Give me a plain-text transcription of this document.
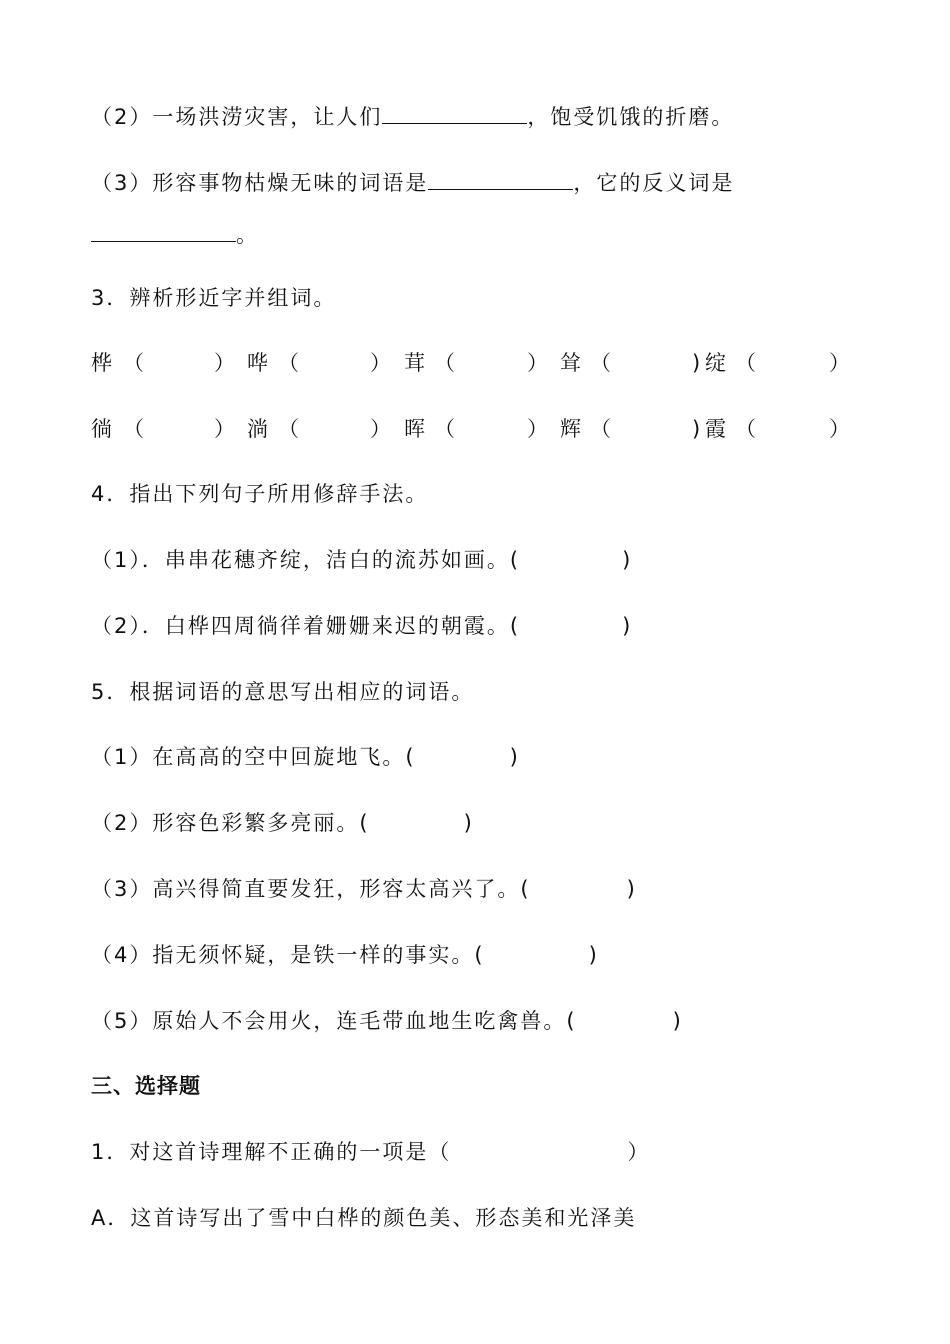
（2）一场洪涝灾害，让人们	，饱受饥饿的折磨。
（3）形容事物枯燥无味的词语是	，它的反义词是
。
3．辨析形近字并组词。
桦 （	） 哗 （	） 茸 （	） 耸 （	) 绽 （	）
徜 （	） 淌 （	） 晖 （	） 辉 （	) 霞 （	）
4．指出下列句子所用修辞手法。
（1）．串串花穗齐绽，洁白的流苏如画。(	)
（2）．白桦四周徜徉着姗姗来迟的朝霞。(	)
5．根据词语的意思写出相应的词语。
（1）在高高的空中回旋地飞。(	)
（2）形容色彩繁多亮丽。(	)
（3）高兴得简直要发狂，形容太高兴了。(	)
（4）指无须怀疑，是铁一样的事实。(	)
（5）原始人不会用火，连毛带血地生吃禽兽。(	)
三、选择题
1．对这首诗理解不正确的一项是（	）
A．这首诗写出了雪中白桦的颜色美、形态美和光泽美
